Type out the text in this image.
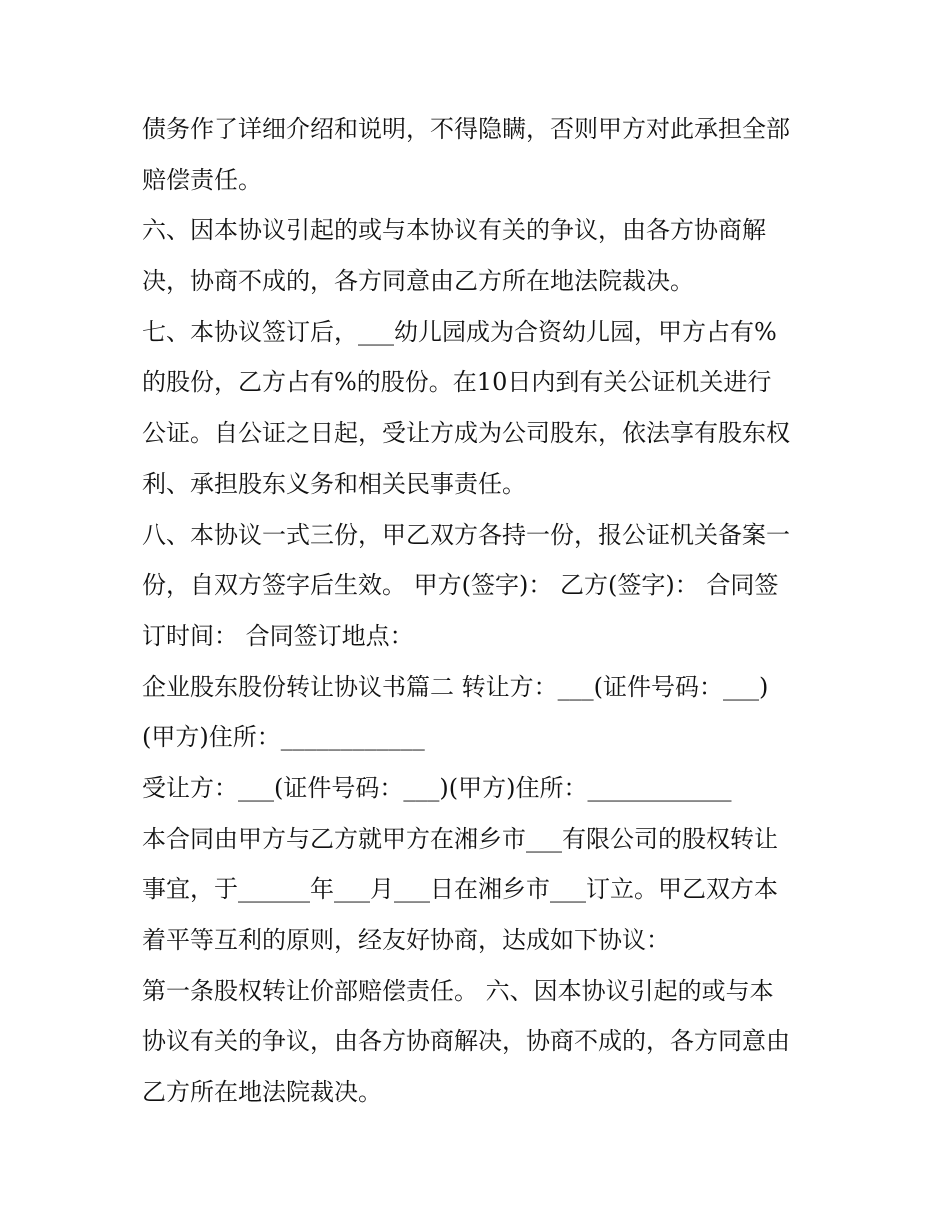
债务作了详细介绍和说明，不得隐瞒，否则甲方对此承担全部
赔偿责任。
六、因本协议引起的或与本协议有关的争议，由各方协商解
决，协商不成的，各方同意由乙方所在地法院裁决。
七、本协议签订后，___幼儿园成为合资幼儿园，甲方占有%
的股份，乙方占有%的股份。在10日内到有关公证机关进行
公证。自公证之日起，受让方成为公司股东，依法享有股东权
利、承担股东义务和相关民事责任。
八、本协议一式三份，甲乙双方各持一份，报公证机关备案一
份，自双方签字后生效。 甲方(签字)： 乙方(签字)： 合同签
订时间： 合同签订地点：
企业股东股份转让协议书篇二 转让方：___(证件号码：___)
(甲方)住所：____________
受让方：___(证件号码：___)(甲方)住所：____________
本合同由甲方与乙方就甲方在湘乡市___有限公司的股权转让
事宜，于______年___月___日在湘乡市___订立。甲乙双方本
着平等互利的原则，经友好协商，达成如下协议：
第一条股权转让价部赔偿责任。 六、因本协议引起的或与本
协议有关的争议，由各方协商解决，协商不成的，各方同意由
乙方所在地法院裁决。
